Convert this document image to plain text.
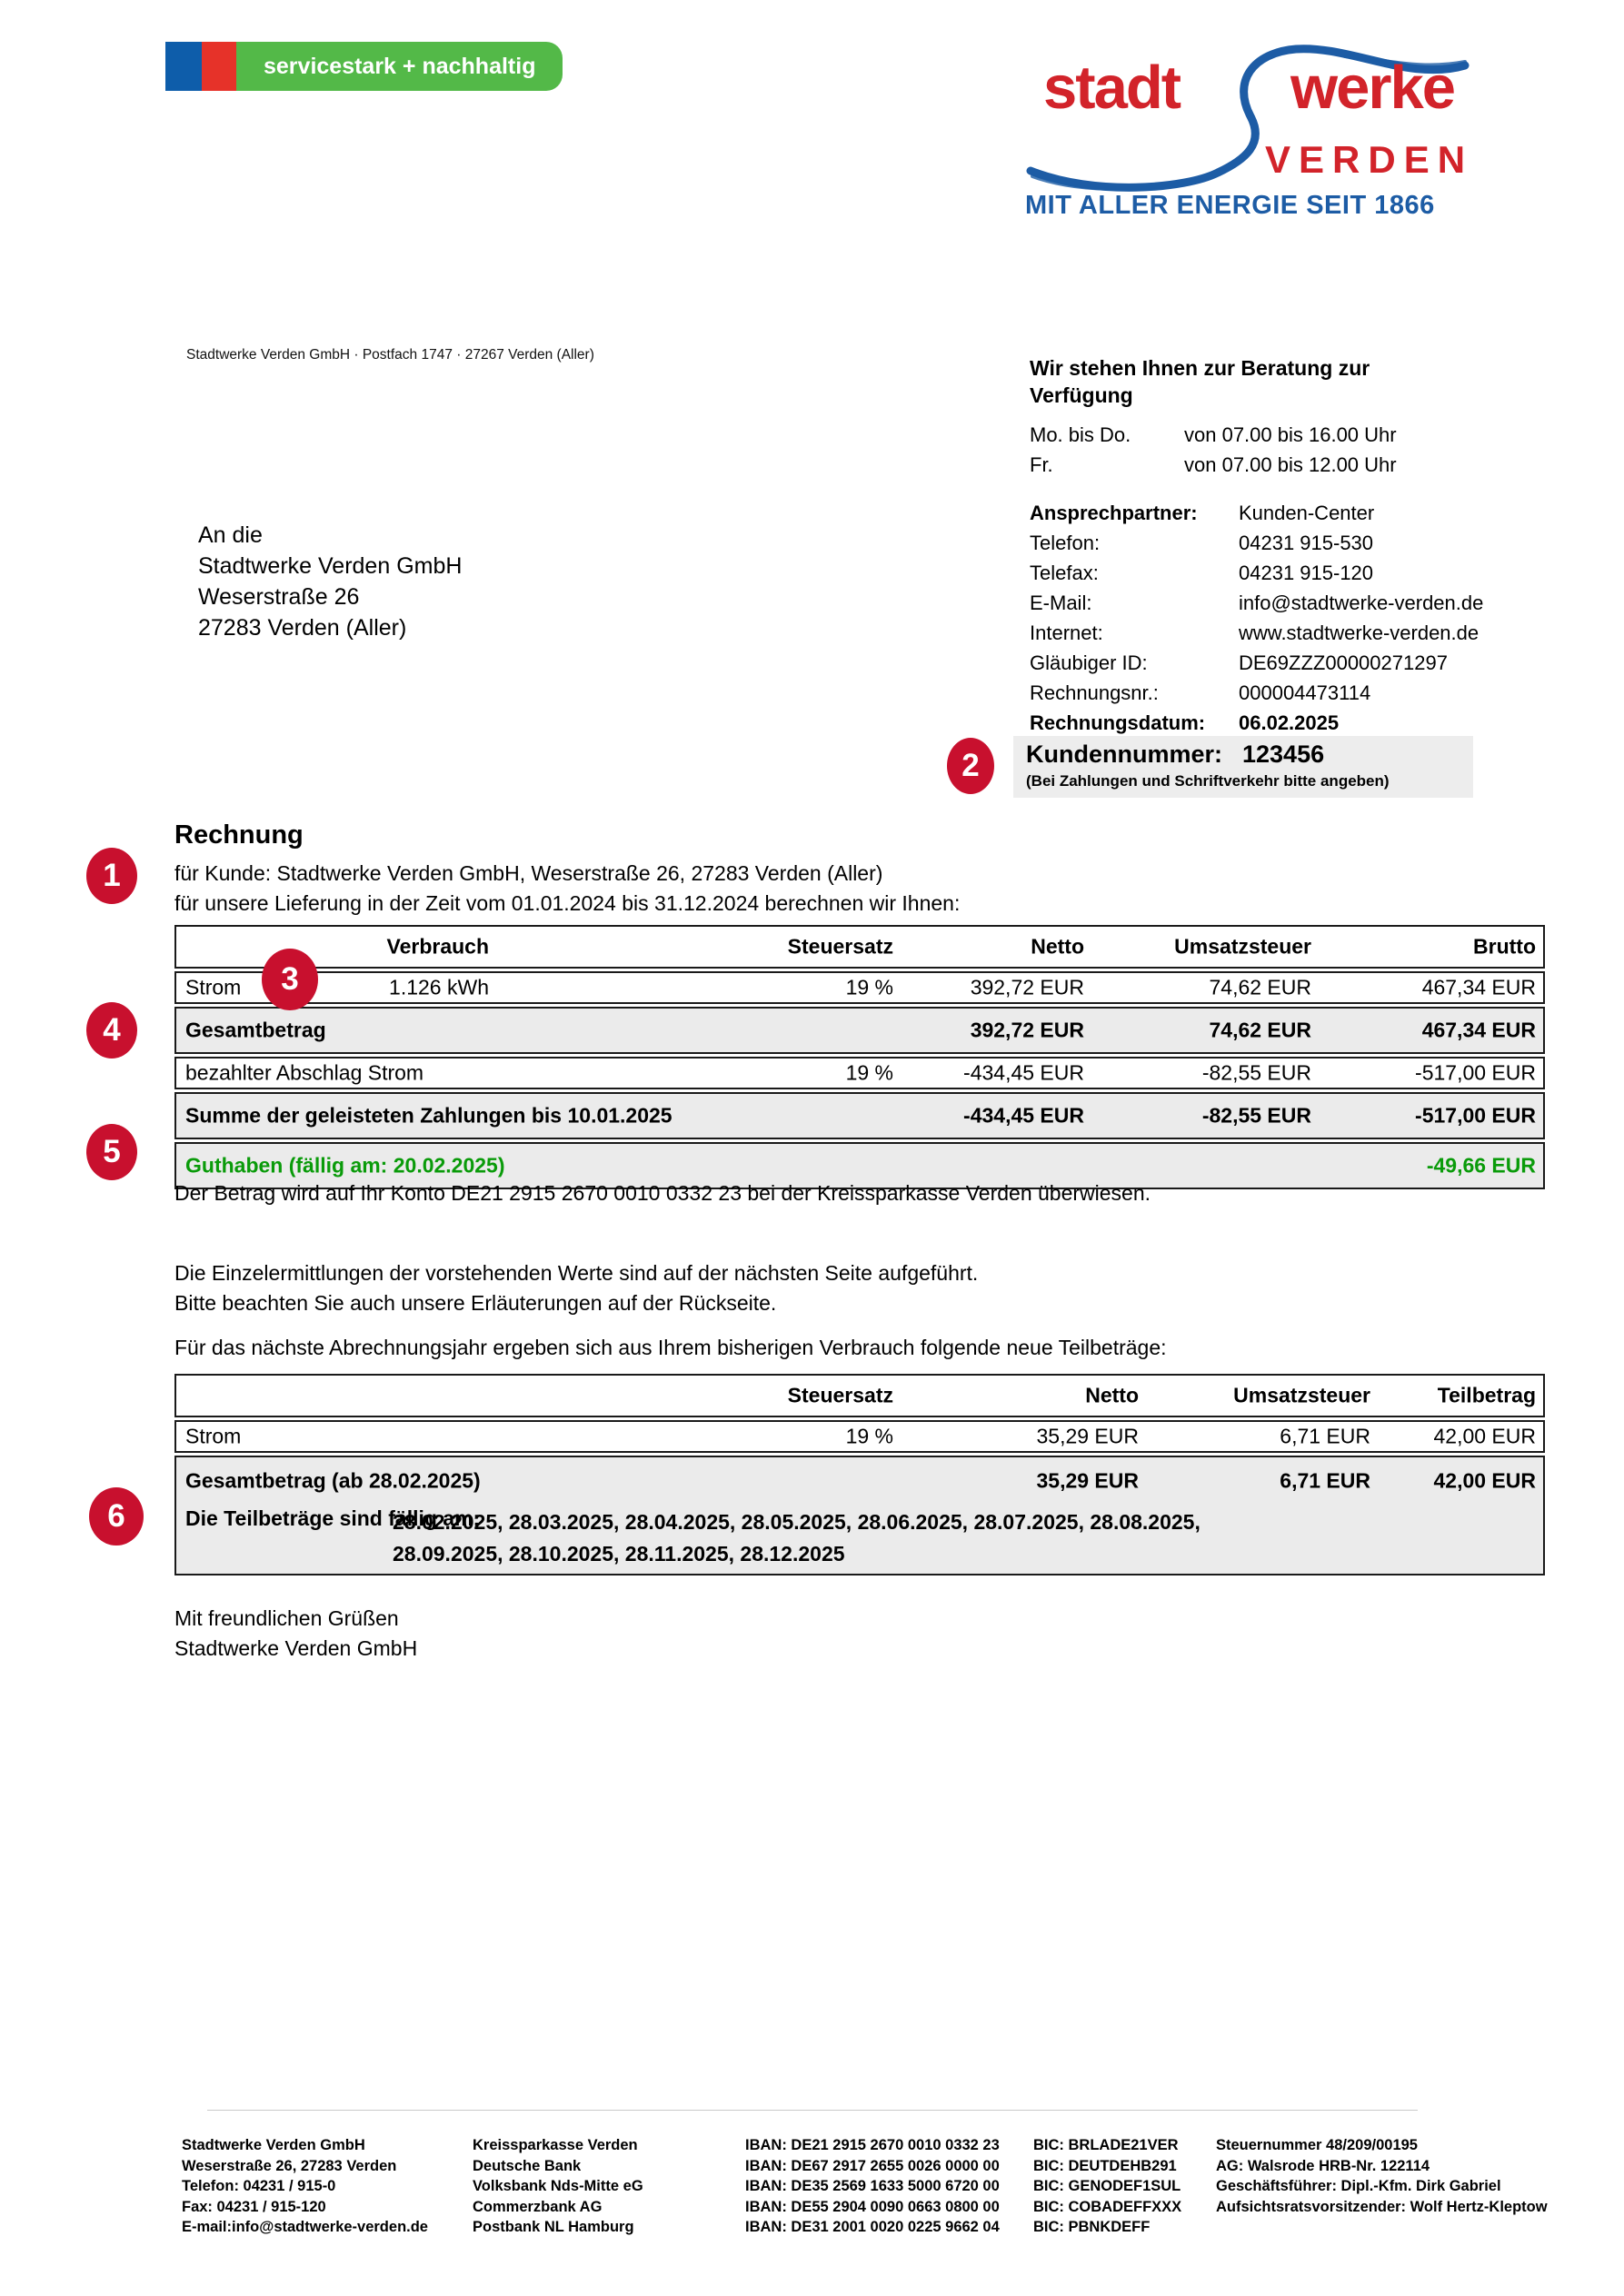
servicestark + nachhaltig	stadt werke
VERDEN
MIT ALLER ENERGIE SEIT 1866
Stadtwerke Verden GmbH · Postfach 1747 · 27267 Verden (Aller)
An die
Stadtwerke Verden GmbH
Weserstraße 26
27283 Verden (Aller)
Wir stehen Ihnen zur Beratung zur
Verfügung
Mo. bis Do.	von 07.00 bis 16.00 Uhr
Fr.	von 07.00 bis 12.00 Uhr
Ansprechpartner:	Kunden-Center
Telefon:	04231 915-530
Telefax:	04231 915-120
E-Mail:	info@stadtwerke-verden.de
Internet:	www.stadtwerke-verden.de
Gläubiger ID:	DE69ZZZ00000271297
Rechnungsnr.:	000004473114
Rechnungsdatum:	06.02.2025
Kundennummer: 123456
(Bei Zahlungen und Schriftverkehr bitte angeben)
1
2
3
4
5
6
Rechnung
für Kunde: Stadtwerke Verden GmbH, Weserstraße 26, 27283 Verden (Aller)
für unsere Lieferung in der Zeit vom 01.01.2024 bis 31.12.2024 berechnen wir Ihnen:
Verbrauch	Steuersatz	Netto	Umsatzsteuer	Brutto
Strom	1.126 kWh	19 %	392,72 EUR	74,62 EUR	467,34 EUR
Gesamtbetrag	392,72 EUR	74,62 EUR	467,34 EUR
bezahlter Abschlag Strom	19 %	-434,45 EUR	-82,55 EUR	-517,00 EUR
Summe der geleisteten Zahlungen bis 10.01.2025	-434,45 EUR	-82,55 EUR	-517,00 EUR
Guthaben (fällig am: 20.02.2025)	-49,66 EUR
Der Betrag wird auf Ihr Konto DE21 2915 2670 0010 0332 23 bei der Kreissparkasse Verden überwiesen.
Die Einzelermittlungen der vorstehenden Werte sind auf der nächsten Seite aufgeführt.
Bitte beachten Sie auch unsere Erläuterungen auf der Rückseite.
Für das nächste Abrechnungsjahr ergeben sich aus Ihrem bisherigen Verbrauch folgende neue Teilbeträge:
Steuersatz	Netto	Umsatzsteuer	Teilbetrag
Strom	19 %	35,29 EUR	6,71 EUR	42,00 EUR
Gesamtbetrag (ab 28.02.2025)	35,29 EUR	6,71 EUR	42,00 EUR
Die Teilbeträge sind fällig am:
28.02.2025, 28.03.2025, 28.04.2025, 28.05.2025, 28.06.2025, 28.07.2025, 28.08.2025,
28.09.2025, 28.10.2025, 28.11.2025, 28.12.2025
Mit freundlichen Grüßen
Stadtwerke Verden GmbH
Stadtwerke Verden GmbH
Weserstraße 26, 27283 Verden
Telefon: 04231 / 915-0
Fax: 04231 / 915-120
E-mail:info@stadtwerke-verden.de
Kreissparkasse Verden
Deutsche Bank
Volksbank Nds-Mitte eG
Commerzbank AG
Postbank NL Hamburg
IBAN: DE21 2915 2670 0010 0332 23
IBAN: DE67 2917 2655 0026 0000 00
IBAN: DE35 2569 1633 5000 6720 00
IBAN: DE55 2904 0090 0663 0800 00
IBAN: DE31 2001 0020 0225 9662 04
BIC: BRLADE21VER
BIC: DEUTDEHB291
BIC: GENODEF1SUL
BIC: COBADEFFXXX
BIC: PBNKDEFF
Steuernummer 48/209/00195
AG: Walsrode HRB-Nr. 122114
Geschäftsführer: Dipl.-Kfm. Dirk Gabriel
Aufsichtsratsvorsitzender: Wolf Hertz-Kleptow
